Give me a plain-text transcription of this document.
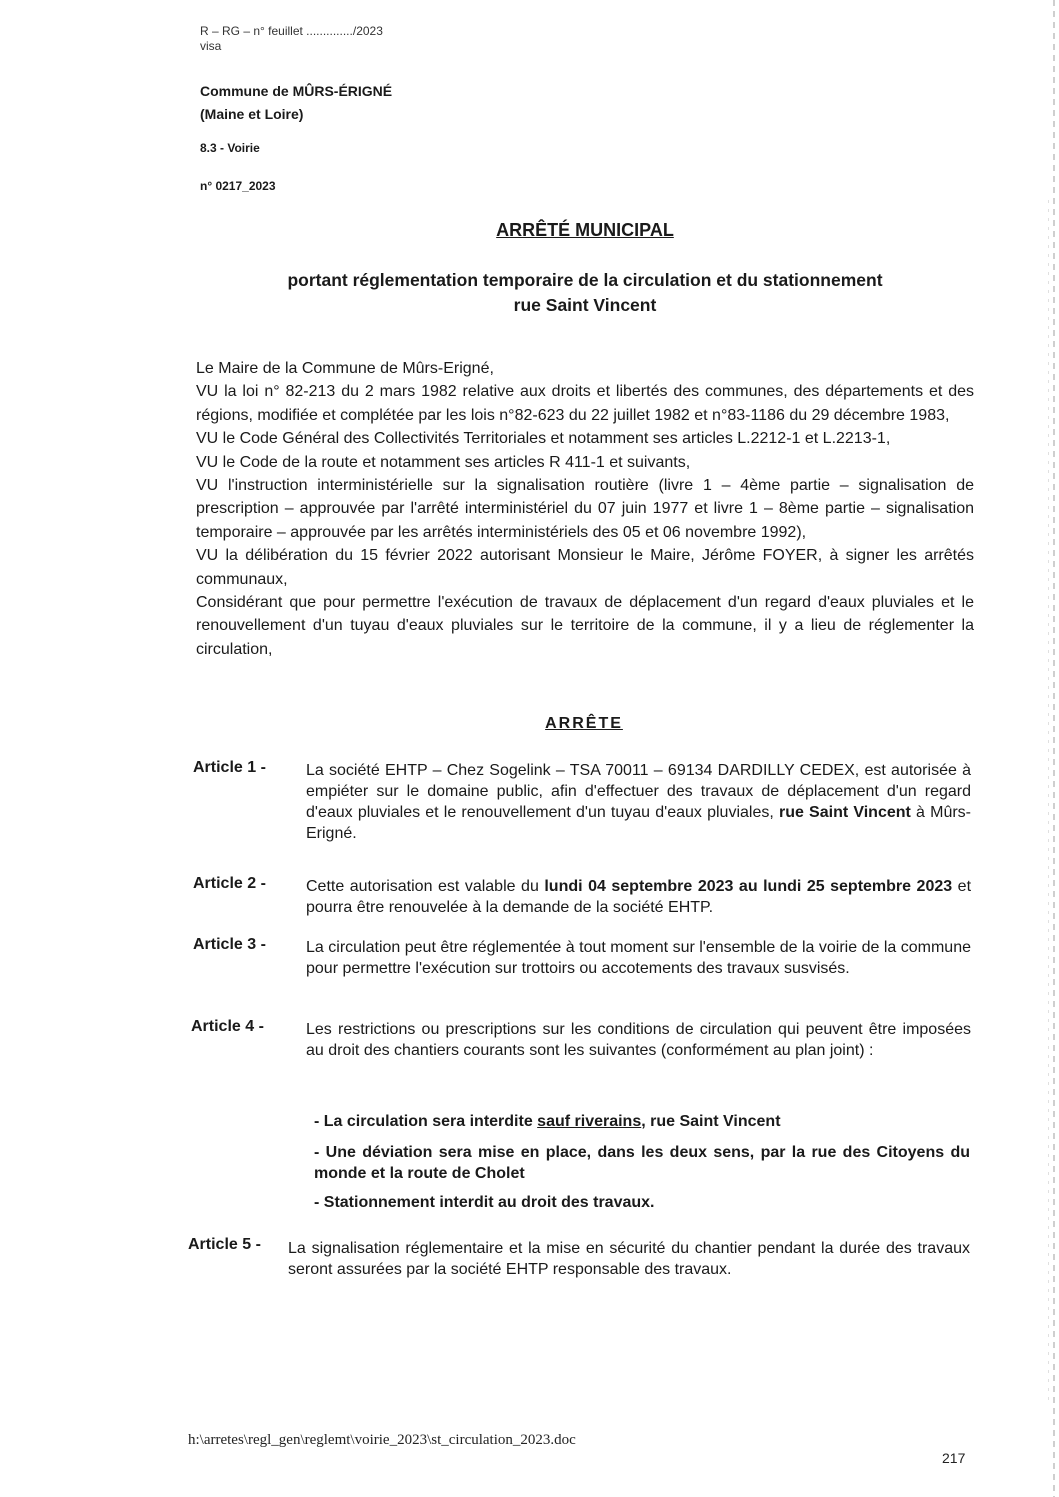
R – RG – n° feuillet ............../2023
visa
Commune de MÛRS-ÉRIGNÉ
(Maine et Loire)
8.3 - Voirie
n° 0217_2023
ARRÊTÉ MUNICIPAL
portant réglementation temporaire de la circulation et du stationnement
rue Saint Vincent

Le Maire de la Commune de Mûrs-Erigné,

VU la loi n° 82-213 du 2 mars 1982 relative aux droits et libertés des communes, des départements et des régions, modifiée et complétée par les lois n°82-623 du 22 juillet 1982 et n°83-1186 du 29 décembre 1983,

VU le Code Général des Collectivités Territoriales et notamment ses articles L.2212-1 et L.2213-1,

VU le Code de la route et notamment ses articles R 411-1 et suivants,

VU l'instruction interministérielle sur la signalisation routière (livre 1 – 4ème partie – signalisation de prescription – approuvée par l'arrêté interministériel du 07 juin 1977 et livre 1 – 8ème partie – signalisation temporaire – approuvée par les arrêtés interministériels des 05 et 06 novembre 1992),

VU la délibération du 15 février 2022 autorisant Monsieur le Maire, Jérôme FOYER, à signer les arrêtés communaux,

Considérant que pour permettre l'exécution de travaux de déplacement d'un regard d'eaux pluviales et le renouvellement d'un tuyau d'eaux pluviales sur le territoire de la commune, il y a lieu de réglementer la circulation,

ARRÊTE
Article 1 -	La société EHTP – Chez Sogelink – TSA 70011 – 69134 DARDILLY CEDEX, est autorisée à empiéter sur le domaine public, afin d'effectuer des travaux de déplacement d'un regard d'eaux pluviales et le renouvellement d'un tuyau d'eaux pluviales, rue Saint Vincent à Mûrs-Erigné.
Article 2 -	Cette autorisation est valable du lundi 04 septembre 2023 au lundi 25 septembre 2023 et pourra être renouvelée à la demande de la société EHTP.
Article 3 -	La circulation peut être réglementée à tout moment sur l'ensemble de la voirie de la commune pour permettre l'exécution sur trottoirs ou accotements des travaux susvisés.
Article 4 -	Les restrictions ou prescriptions sur les conditions de circulation qui peuvent être imposées au droit des chantiers courants sont les suivantes (conformément au plan joint) :
- La circulation sera interdite sauf riverains, rue Saint Vincent
- Une déviation sera mise en place, dans les deux sens, par la rue des Citoyens du monde et la route de Cholet
- Stationnement interdit au droit des travaux.
Article 5 - La signalisation réglementaire et la mise en sécurité du chantier pendant la durée des travaux seront assurées par la société EHTP responsable des travaux.
h:\arretes\regl_gen\reglemt\voirie_2023\st_circulation_2023.doc
217
